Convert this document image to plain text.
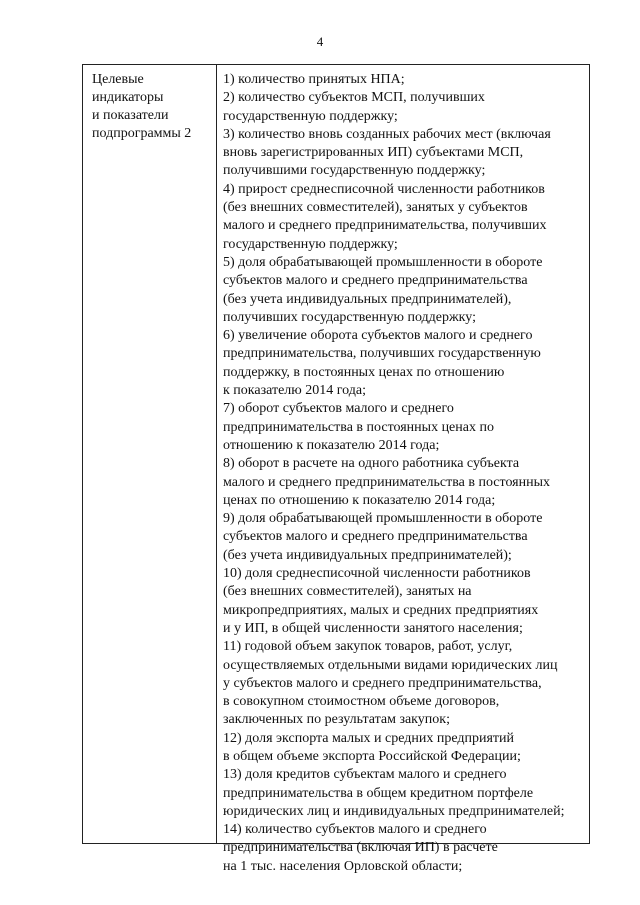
4
Целевые
индикаторы
и показатели
подпрограммы 2
1) количество принятых НПА;
2) количество субъектов МСП, получивших
государственную поддержку;
3) количество вновь созданных рабочих мест (включая
вновь зарегистрированных ИП) субъектами МСП,
получившими государственную поддержку;
4) прирост среднесписочной численности работников
(без внешних совместителей), занятых у субъектов
малого и среднего предпринимательства, получивших
государственную поддержку;
5) доля обрабатывающей промышленности в обороте
субъектов малого и среднего предпринимательства
(без учета индивидуальных предпринимателей),
получивших государственную поддержку;
6) увеличение оборота субъектов малого и среднего
предпринимательства, получивших государственную
поддержку, в постоянных ценах по отношению
к показателю 2014 года;
7) оборот субъектов малого и среднего
предпринимательства в постоянных ценах по
отношению к показателю 2014 года;
8) оборот в расчете на одного работника субъекта
малого и среднего предпринимательства в постоянных
ценах по отношению к показателю 2014 года;
9) доля обрабатывающей промышленности в обороте
субъектов малого и среднего предпринимательства
(без учета индивидуальных предпринимателей);
10) доля среднесписочной численности работников
(без внешних совместителей), занятых на
микропредприятиях, малых и средних предприятиях
и у ИП, в общей численности занятого населения;
11) годовой объем закупок товаров, работ, услуг,
осуществляемых отдельными видами юридических лиц
у субъектов малого и среднего предпринимательства,
в совокупном стоимостном объеме договоров,
заключенных по результатам закупок;
12) доля экспорта малых и средних предприятий
в общем объеме экспорта Российской Федерации;
13) доля кредитов субъектам малого и среднего
предпринимательства в общем кредитном портфеле
юридических лиц и индивидуальных предпринимателей;
14) количество субъектов малого и среднего
предпринимательства (включая ИП) в расчете
на 1 тыс. населения Орловской области;
